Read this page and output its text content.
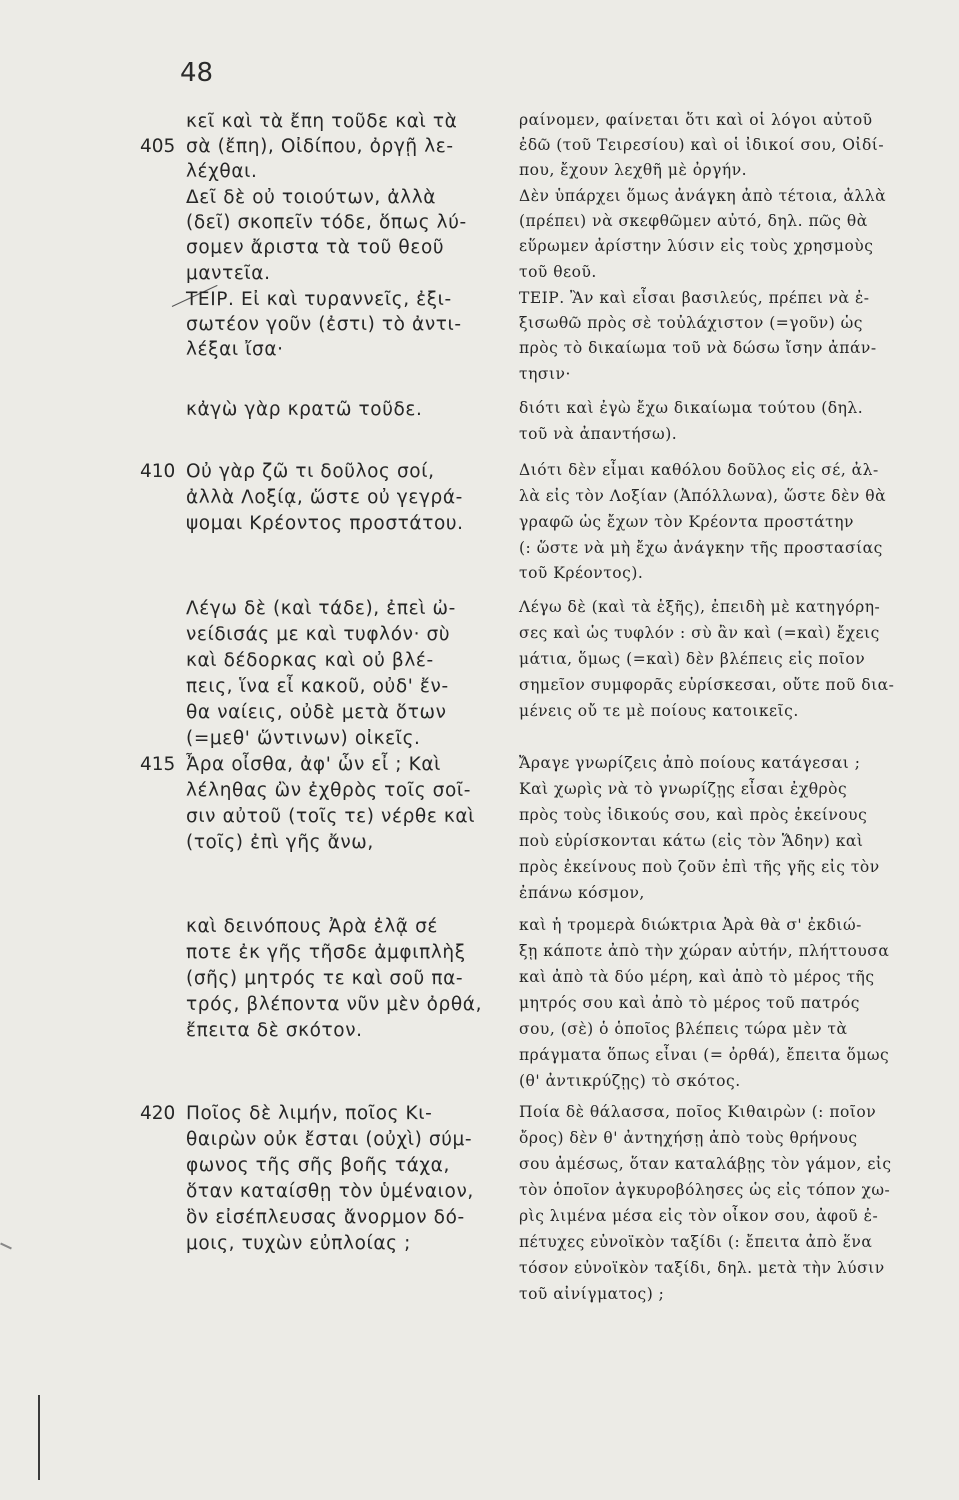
48
405
410
415
420
κεῖ καὶ τὰ ἔπη τοῦδε καὶ τὰ
σὰ (ἔπη), Οἰδίπου, ὀργῇ λε-
λέχθαι.
Δεῖ δὲ οὐ τοιούτων, ἀλλὰ
(δεῖ) σκοπεῖν τόδε, ὅπως λύ-
σομεν ἄριστα τὰ τοῦ θεοῦ
μαντεῖα.
ΤΕΙΡ. Εἰ καὶ τυραννεῖς, ἐξι-
σωτέον γοῦν (ἐστι) τὸ ἀντι-
λέξαι ἴσα·
κἀγὼ γὰρ κρατῶ τοῦδε.
Οὐ γὰρ ζῶ τι δοῦλος σοί,
ἀλλὰ Λοξίᾳ, ὥστε οὐ γεγρά-
ψομαι Κρέοντος προστάτου.
Λέγω δὲ (καὶ τάδε), ἐπεὶ ὠ-
νείδισάς με καὶ τυφλόν· σὺ
καὶ δέδορκας καὶ οὐ βλέ-
πεις, ἵνα εἶ κακοῦ, οὐδ' ἔν-
θα ναίεις, οὐδὲ μετὰ ὅτων
(=μεθ' ὥντινων) οἰκεῖς.
Ἆρα οἶσθα, ἀφ' ὧν εἶ ; Καὶ
λέληθας ὢν ἐχθρὸς τοῖς σοῖ-
σιν αὐτοῦ (τοῖς τε) νέρθε καὶ
(τοῖς) ἐπὶ γῆς ἄνω,
καὶ δεινόπους Ἀρὰ ἐλᾷ σέ
ποτε ἐκ γῆς τῆσδε ἀμφιπλὴξ
(σῆς) μητρός τε καὶ σοῦ πα-
τρός, βλέποντα νῦν μὲν ὀρθά,
ἔπειτα δὲ σκότον.
Ποῖος δὲ λιμήν, ποῖος Κι-
θαιρὼν οὐκ ἔσται (οὐχὶ) σύμ-
φωνος τῆς σῆς βοῆς τάχα,
ὅταν καταίσθῃ τὸν ὑμέναιον,
ὃν εἰσέπλευσας ἄνορμον δό-
μοις, τυχὼν εὐπλοίας ;
ραίνομεν, φαίνεται ὅτι καὶ οἱ λόγοι αὐτοῦ
ἐδῶ (τοῦ Τειρεσίου) καὶ οἱ ἰδικοί σου, Οἰδί-
που, ἔχουν λεχθῆ μὲ ὀργήν.
Δὲν ὑπάρχει ὅμως ἀνάγκη ἀπὸ τέτοια, ἀλλὰ
(πρέπει) νὰ σκεφθῶμεν αὐτό, δηλ. πῶς θὰ
εὕρωμεν ἀρίστην λύσιν εἰς τοὺς χρησμοὺς
τοῦ θεοῦ.
ΤΕΙΡ. Ἂν καὶ εἶσαι βασιλεύς, πρέπει νὰ ἐ-
ξισωθῶ πρὸς σὲ τοὐλάχιστον (=γοῦν) ὡς
πρὸς τὸ δικαίωμα τοῦ νὰ δώσω ἴσην ἀπάν-
τησιν·
διότι καὶ ἐγὼ ἔχω δικαίωμα τούτου (δηλ.
τοῦ νὰ ἀπαντήσω).
Διότι δὲν εἶμαι καθόλου δοῦλος εἰς σέ, ἀλ-
λὰ εἰς τὸν Λοξίαν (Ἀπόλλωνα), ὥστε δὲν θὰ
γραφῶ ὡς ἔχων τὸν Κρέοντα προστάτην
(: ὥστε νὰ μὴ ἔχω ἀνάγκην τῆς προστασίας
τοῦ Κρέοντος).
Λέγω δὲ (καὶ τὰ ἑξῆς), ἐπειδὴ μὲ κατηγόρη-
σες καὶ ὡς τυφλόν : σὺ ἂν καὶ (=καὶ) ἔχεις
μάτια, ὅμως (=καὶ) δὲν βλέπεις εἰς ποῖον
σημεῖον συμφορᾶς εὑρίσκεσαι, οὔτε ποῦ δια-
μένεις οὔ τε μὲ ποίους κατοικεῖς.
Ἄραγε γνωρίζεις ἀπὸ ποίους κατάγεσαι ;
Καὶ χωρὶς νὰ τὸ γνωρίζῃς εἶσαι ἐχθρὸς
πρὸς τοὺς ἰδικούς σου, καὶ πρὸς ἐκείνους
ποὺ εὑρίσκονται κάτω (εἰς τὸν Ἅδην) καὶ
πρὸς ἐκείνους ποὺ ζοῦν ἐπὶ τῆς γῆς εἰς τὸν
ἐπάνω κόσμον,
καὶ ἡ τρομερὰ διώκτρια Ἀρὰ θὰ σ' ἐκδιώ-
ξῃ κάποτε ἀπὸ τὴν χώραν αὐτήν, πλήττουσα
καὶ ἀπὸ τὰ δύο μέρη, καὶ ἀπὸ τὸ μέρος τῆς
μητρός σου καὶ ἀπὸ τὸ μέρος τοῦ πατρός
σου, (σὲ) ὁ ὁποῖος βλέπεις τώρα μὲν τὰ
πράγματα ὅπως εἶναι (= ὀρθά), ἔπειτα ὅμως
(θ' ἀντικρύζῃς) τὸ σκότος.
Ποία δὲ θάλασσα, ποῖος Κιθαιρὼν (: ποῖον
ὄρος) δὲν θ' ἀντηχήσῃ ἀπὸ τοὺς θρήνους
σου ἀμέσως, ὅταν καταλάβῃς τὸν γάμον, εἰς
τὸν ὁποῖον ἀγκυροβόλησες ὡς εἰς τόπον χω-
ρὶς λιμένα μέσα εἰς τὸν οἶκον σου, ἀφοῦ ἐ-
πέτυχες εὐνοϊκὸν ταξίδι (: ἔπειτα ἀπὸ ἕνα
τόσον εὐνοϊκὸν ταξίδι, δηλ. μετὰ τὴν λύσιν
τοῦ αἰνίγματος) ;
